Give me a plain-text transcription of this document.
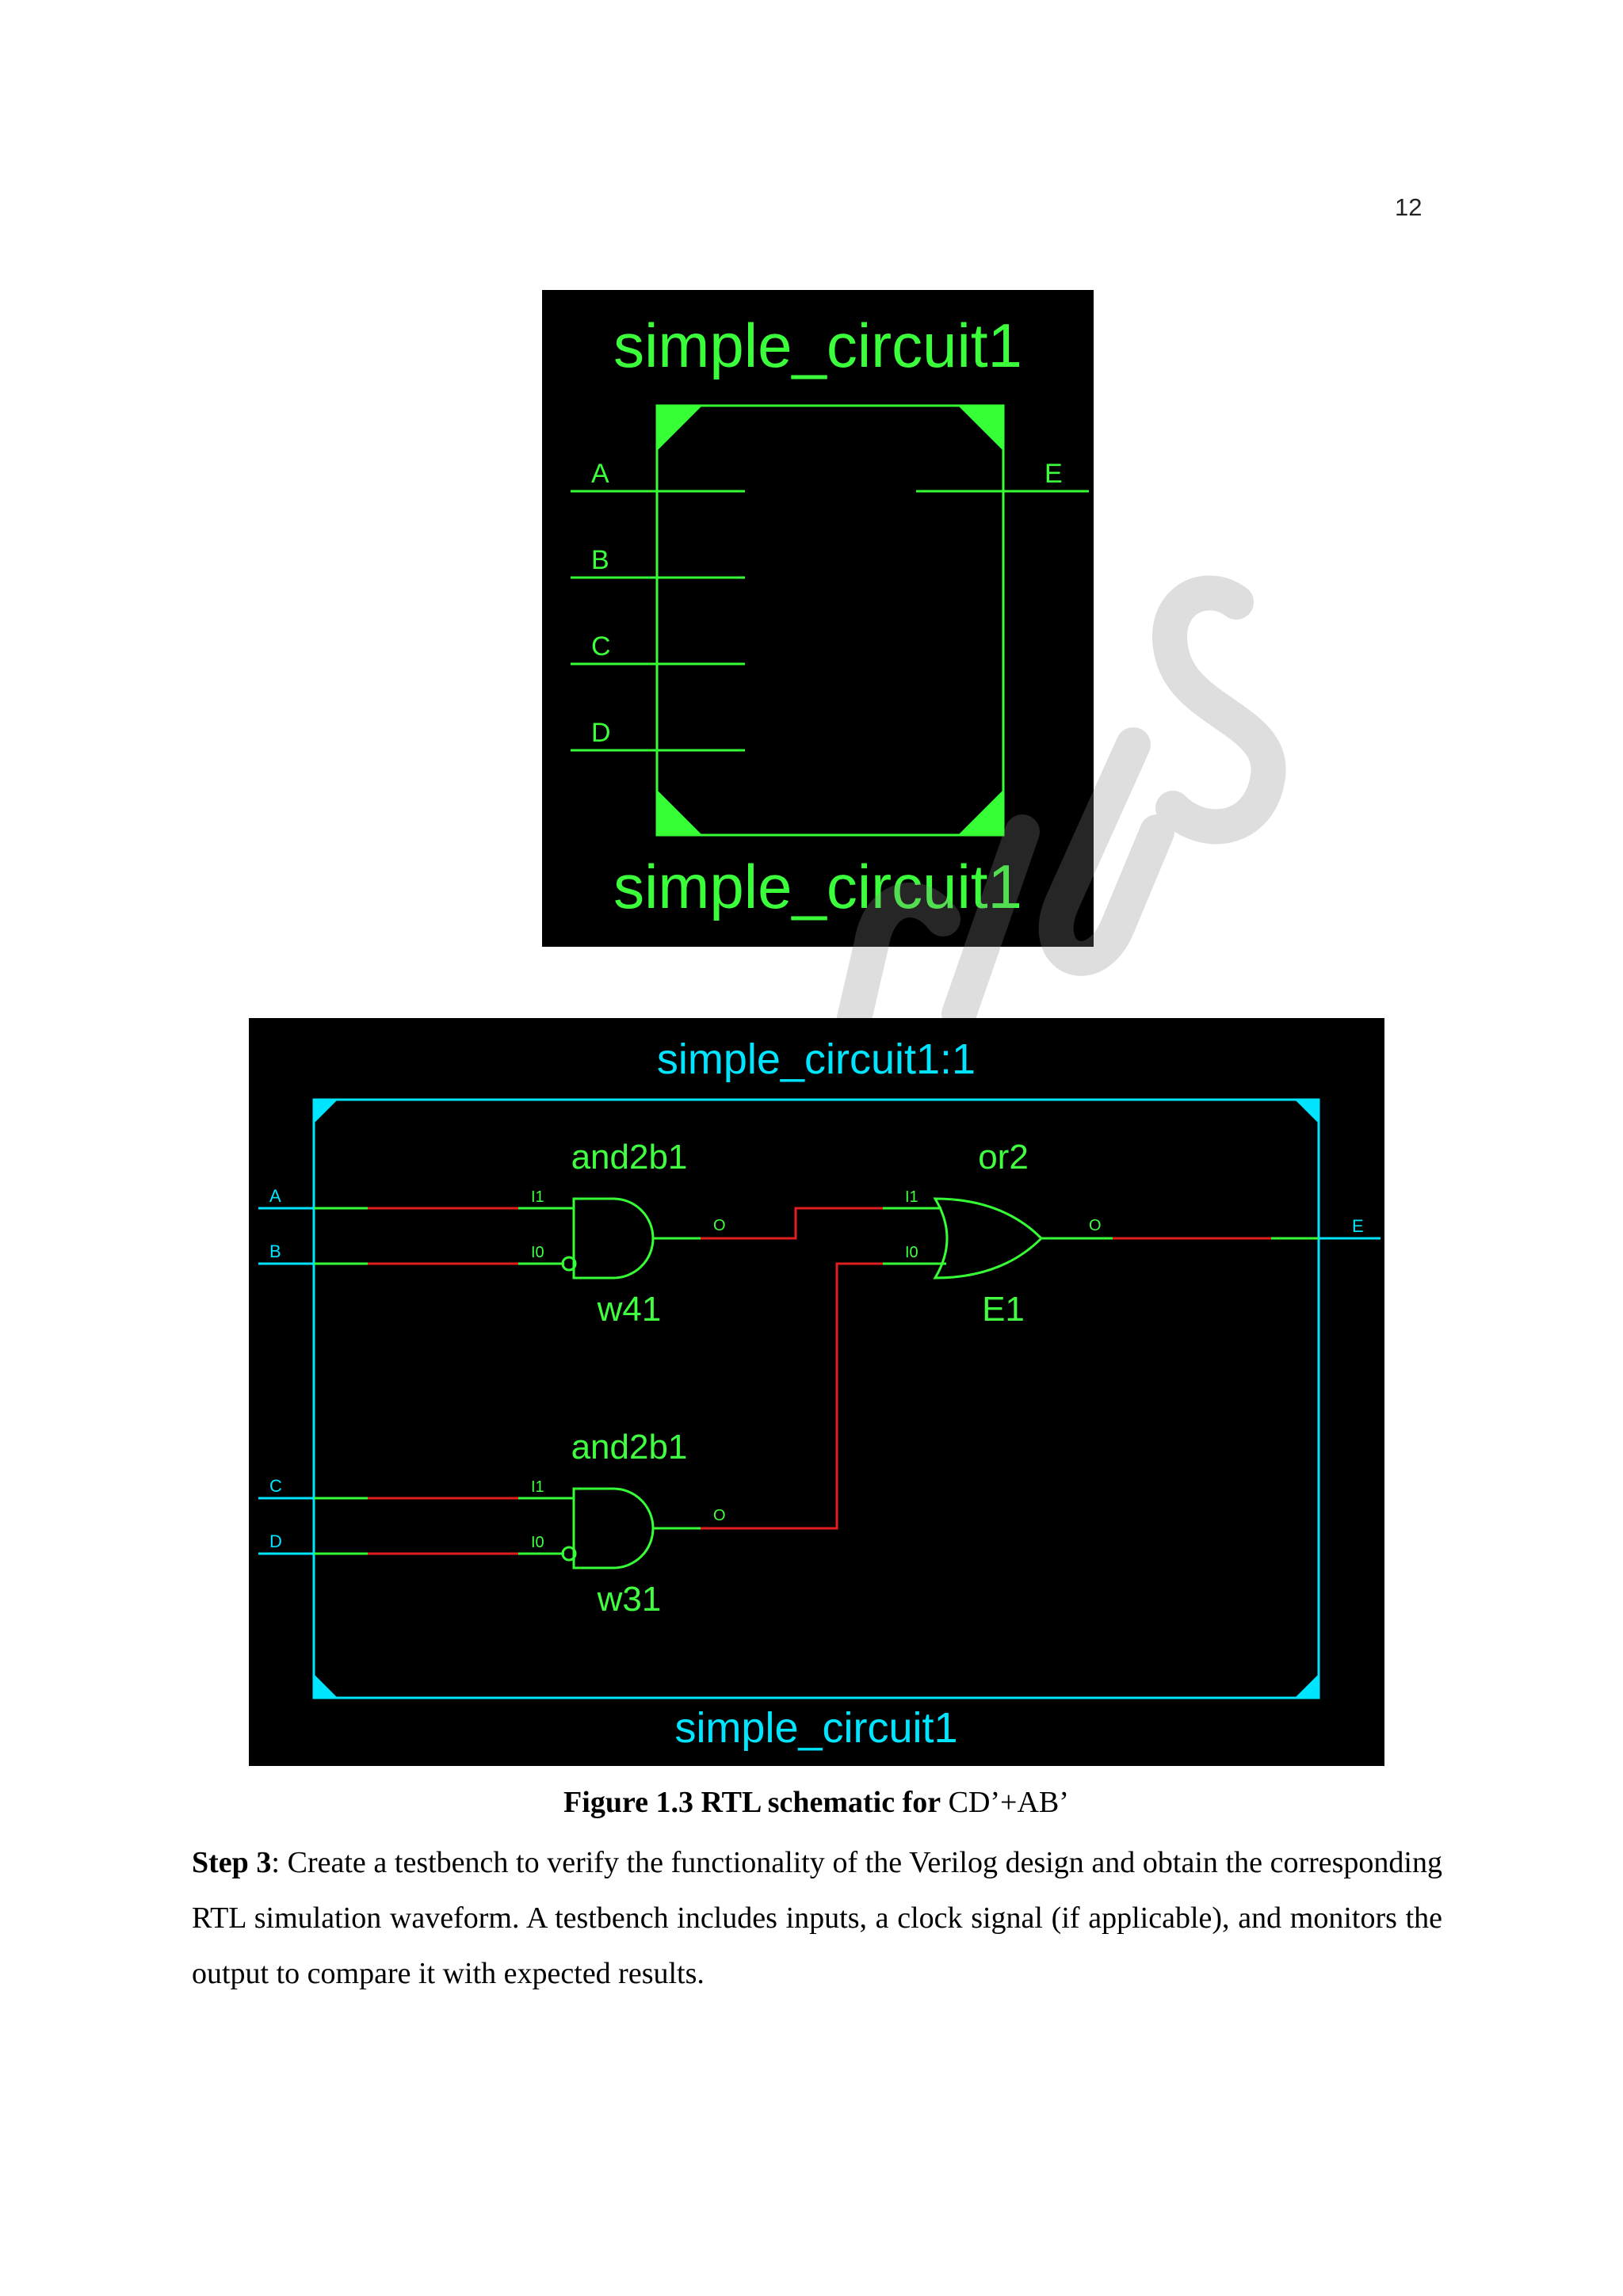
12
simple_circuit1
A
B
C
D
E
simple_circuit1
simple_circuit1:1
A
B
C
D
E
and2b1
I1
I0
O
w41
or2
I1
I0
O
E1
and2b1
I1
I0
O
w31
simple_circuit1
Figure 1.3 RTL schematic for CD’+AB’
Step 3: Create a testbench to verify the functionality of the Verilog design and obtain the corresponding RTL simulation waveform. A testbench includes inputs, a clock signal (if applicable), and monitors the output to compare it with expected results.
